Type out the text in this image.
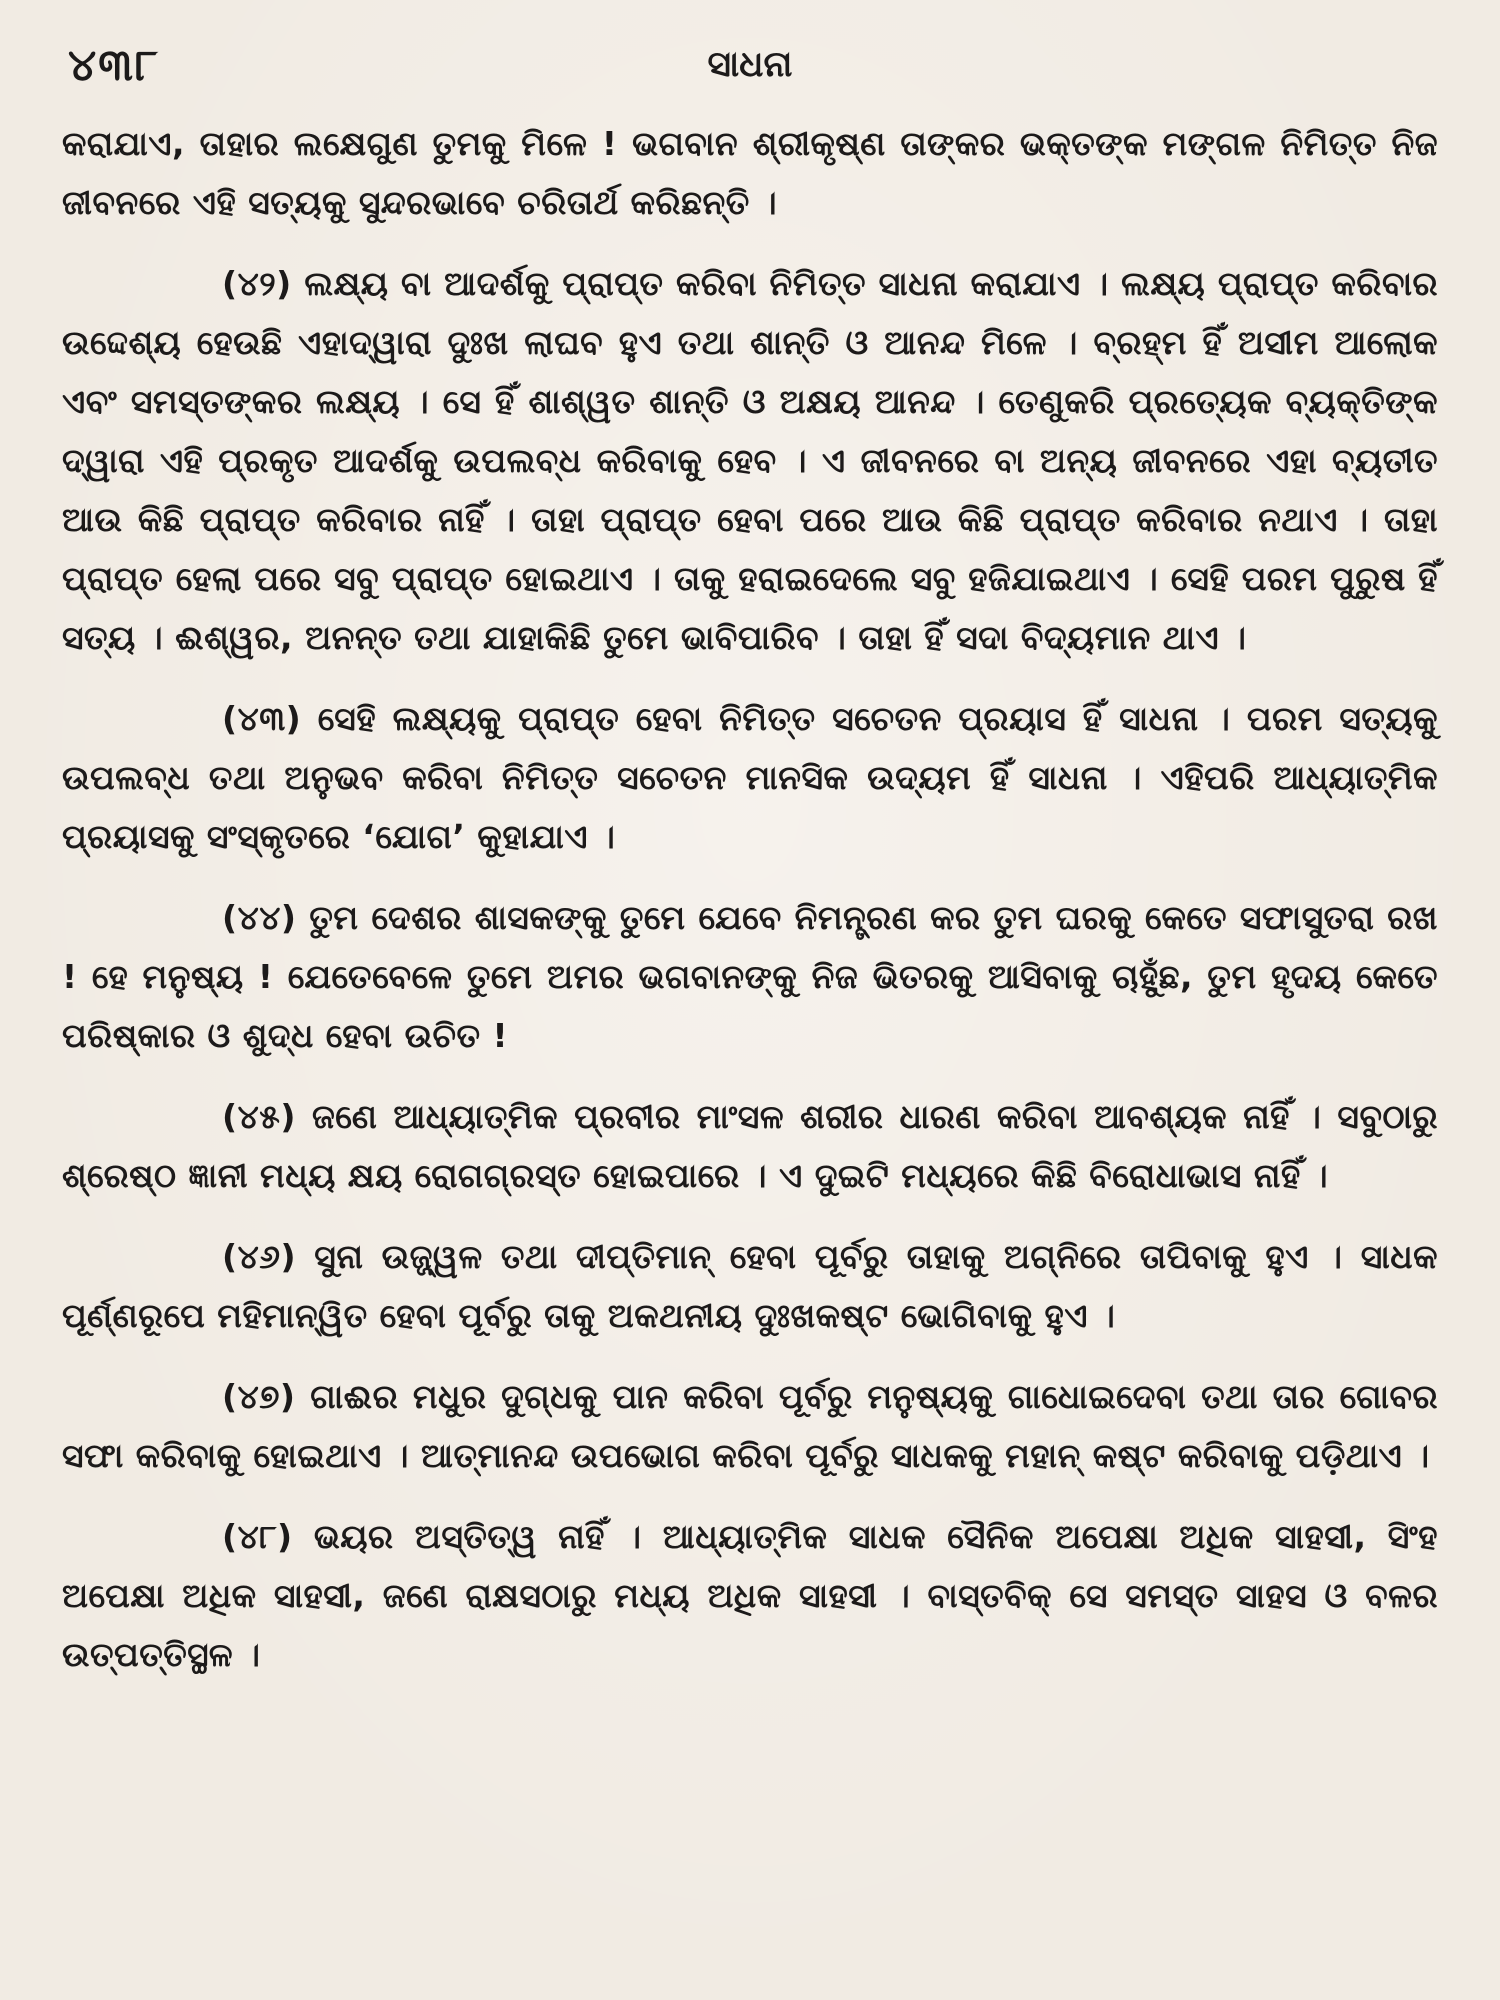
୪୩୮	ସାଧନା

କରାଯାଏ, ତାହାର ଲକ୍ଷେଗୁଣ ତୁମକୁ ମିଳେ ! ଭଗବାନ ଶ୍ରୀକୃଷ୍ଣ ତାଙ୍କର ଭକ୍ତଙ୍କ ମଙ୍ଗଳ ନିମିତ୍ତ ନିଜ ଜୀବନରେ ଏହି ସତ୍ୟକୁ ସୁନ୍ଦରଭାବେ ଚରିତାର୍ଥ କରିଛନ୍ତି ।

(୪୨) ଲକ୍ଷ୍ୟ ବା ଆଦର୍ଶକୁ ପ୍ରାପ୍ତ କରିବା ନିମିତ୍ତ ସାଧନା କରାଯାଏ । ଲକ୍ଷ୍ୟ ପ୍ରାପ୍ତ କରିବାର ଉଦ୍ଦେଶ୍ୟ ହେଉଛି ଏହାଦ୍ୱାରା ଦୁଃଖ ଲାଘବ ହୁଏ ତଥା ଶାନ୍ତି ଓ ଆନନ୍ଦ ମିଳେ । ବ୍ରହ୍ମ ହିଁ ଅସୀମ ଆଲୋକ ଏବଂ ସମସ୍ତଙ୍କର ଲକ୍ଷ୍ୟ । ସେ ହିଁ ଶାଶ୍ୱତ ଶାନ୍ତି ଓ ଅକ୍ଷୟ ଆନନ୍ଦ । ତେଣୁକରି ପ୍ରତ୍ୟେକ ବ୍ୟକ୍ତିଙ୍କ ଦ୍ୱାରା ଏହି ପ୍ରକୃତ ଆଦର୍ଶକୁ ଉପଲବ୍ଧ କରିବାକୁ ହେବ । ଏ ଜୀବନରେ ବା ଅନ୍ୟ ଜୀବନରେ ଏହା ବ୍ୟତୀତ ଆଉ କିଛି ପ୍ରାପ୍ତ କରିବାର ନାହିଁ । ତାହା ପ୍ରାପ୍ତ ହେବା ପରେ ଆଉ କିଛି ପ୍ରାପ୍ତ କରିବାର ନଥାଏ । ତାହା ପ୍ରାପ୍ତ ହେଲା ପରେ ସବୁ ପ୍ରାପ୍ତ ହୋଇଥାଏ । ତାକୁ ହରାଇଦେଲେ ସବୁ ହଜିଯାଇଥାଏ । ସେହି ପରମ ପୁରୁଷ ହିଁ ସତ୍ୟ । ଈଶ୍ୱର, ଅନନ୍ତ ତଥା ଯାହାକିଛି ତୁମେ ଭାବିପାରିବ । ତାହା ହିଁ ସଦା ବିଦ୍ୟମାନ ଥାଏ ।

(୪୩) ସେହି ଲକ୍ଷ୍ୟକୁ ପ୍ରାପ୍ତ ହେବା ନିମିତ୍ତ ସଚେତନ ପ୍ରୟାସ ହିଁ ସାଧନା । ପରମ ସତ୍ୟକୁ ଉପଲବ୍ଧ ତଥା ଅନୁଭବ କରିବା ନିମିତ୍ତ ସଚେତନ ମାନସିକ ଉଦ୍ୟମ ହିଁ ସାଧନା । ଏହିପରି ଆଧ୍ୟାତ୍ମିକ ପ୍ରୟାସକୁ ସଂସ୍କୃତରେ ‘ଯୋଗ’ କୁହାଯାଏ ।

(୪୪) ତୁମ ଦେଶର ଶାସକଙ୍କୁ ତୁମେ ଯେବେ ନିମନ୍ତ୍ରଣ କର ତୁମ ଘରକୁ କେତେ ସଫାସୁତରା ରଖ ! ହେ ମନୁଷ୍ୟ ! ଯେତେବେଳେ ତୁମେ ଅମର ଭଗବାନଙ୍କୁ ନିଜ ଭିତରକୁ ଆସିବାକୁ ଚାହୁଁଛ, ତୁମ ହୃଦୟ କେତେ ପରିଷ୍କାର ଓ ଶୁଦ୍ଧ ହେବା ଉଚିତ !

(୪୫) ଜଣେ ଆଧ୍ୟାତ୍ମିକ ପ୍ରବୀର ମାଂସଳ ଶରୀର ଧାରଣ କରିବା ଆବଶ୍ୟକ ନାହିଁ । ସବୁଠାରୁ ଶ୍ରେଷ୍ଠ ଜ୍ଞାନୀ ମଧ୍ୟ କ୍ଷୟ ରୋଗଗ୍ରସ୍ତ ହୋଇପାରେ । ଏ ଦୁଇଟି ମଧ୍ୟରେ କିଛି ବିରୋଧାଭାସ ନାହିଁ ।

(୪୬) ସୁନା ଉଜ୍ଜ୍ୱଳ ତଥା ଦୀପ୍ତିମାନ୍ ହେବା ପୂର୍ବରୁ ତାହାକୁ ଅଗ୍ନିରେ ତାପିବାକୁ ହୁଏ । ସାଧକ ପୂର୍ଣ୍ଣରୂପେ ମହିମାନ୍ୱିତ ହେବା ପୂର୍ବରୁ ତାକୁ ଅକଥନୀୟ ଦୁଃଖକଷ୍ଟ ଭୋଗିବାକୁ ହୁଏ ।

(୪୭) ଗାଈର ମଧୁର ଦୁଗ୍ଧକୁ ପାନ କରିବା ପୂର୍ବରୁ ମନୁଷ୍ୟକୁ ଗାଧୋଇଦେବା ତଥା ତାର ଗୋବର ସଫା କରିବାକୁ ହୋଇଥାଏ । ଆତ୍ମାନନ୍ଦ ଉପଭୋଗ କରିବା ପୂର୍ବରୁ ସାଧକକୁ ମହାନ୍ କଷ୍ଟ କରିବାକୁ ପଡ଼ିଥାଏ ।

(୪୮) ଭୟର ଅସ୍ତିତ୍ୱ ନାହିଁ । ଆଧ୍ୟାତ୍ମିକ ସାଧକ ସୈନିକ ଅପେକ୍ଷା ଅଧିକ ସାହସୀ, ସିଂହ ଅପେକ୍ଷା ଅଧିକ ସାହସୀ, ଜଣେ ରାକ୍ଷସଠାରୁ ମଧ୍ୟ ଅଧିକ ସାହସୀ । ବାସ୍ତବିକ୍ ସେ ସମସ୍ତ ସାହସ ଓ ବଳର ଉତ୍ପତ୍ତିସ୍ଥଳ ।
